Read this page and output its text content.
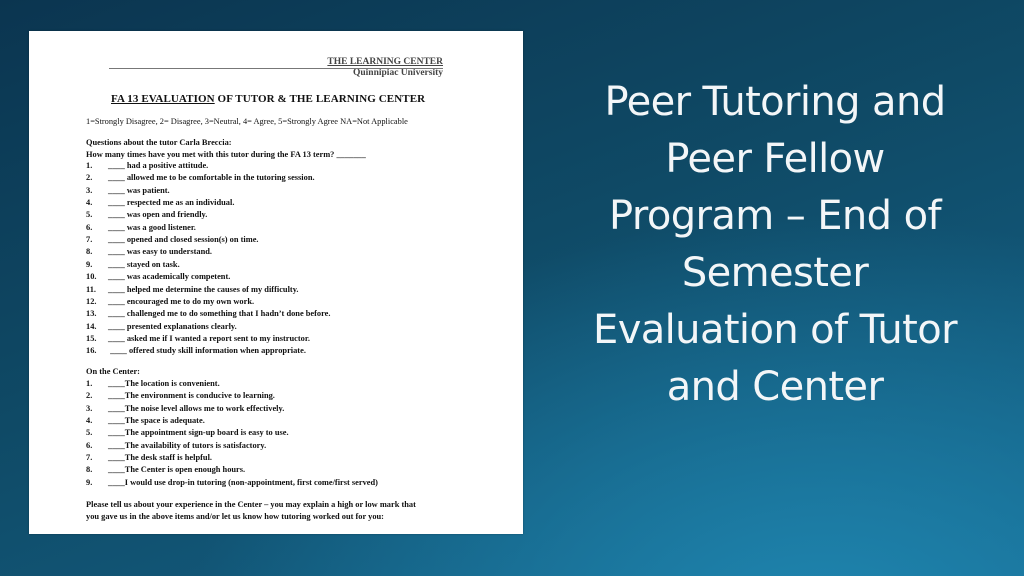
THE LEARNING CENTER
Quinnipiac University
FA 13 EVALUATION OF TUTOR & THE LEARNING CENTER
1=Strongly Disagree, 2= Disagree, 3=Neutral, 4= Agree, 5=Strongly Agree NA=Not Applicable
Questions about the tutor Carla Breccia:
How many times have you met with this tutor during the FA 13 term? _______
1. ____ had a positive attitude.
2. ____ allowed me to be comfortable in the tutoring session.
3. ____ was patient.
4. ____ respected me as an individual.
5. ____ was open and friendly.
6. ____ was a good listener.
7. ____ opened and closed session(s) on time.
8. ____ was easy to understand.
9. ____ stayed on task.
10. ____ was academically competent.
11. ____ helped me determine the causes of my difficulty.
12. ____ encouraged me to do my own work.
13. ____ challenged me to do something that I hadn’t done before.
14. ____ presented explanations clearly.
15. ____ asked me if I wanted a report sent to my instructor.
16. ____ offered study skill information when appropriate.
On the Center:
1. ____The location is convenient.
2. ____The environment is conducive to learning.
3. ____The noise level allows me to work effectively.
4. ____The space is adequate.
5. ____The appointment sign-up board is easy to use.
6. ____The availability of tutors is satisfactory.
7. ____The desk staff is helpful.
8. ____The Center is open enough hours.
9. ____I would use drop-in tutoring (non-appointment, first come/first served)
Please tell us about your experience in the Center – you may explain a high or low mark that
you gave us in the above items and/or let us know how tutoring worked out for you:
Peer Tutoring and
Peer Fellow
Program – End of
Semester
Evaluation of Tutor
and Center
